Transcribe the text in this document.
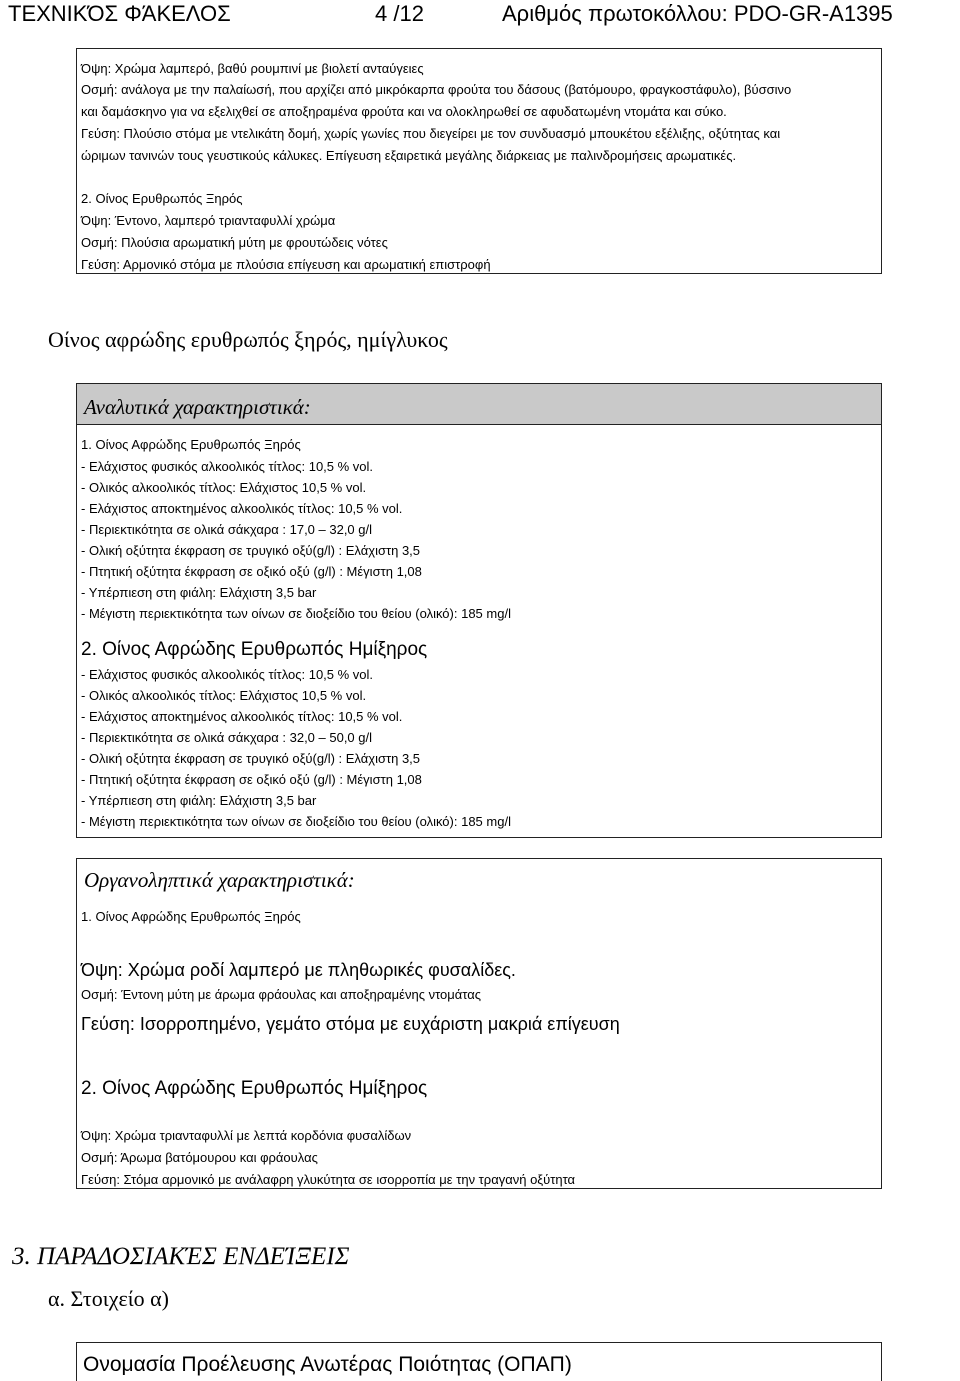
ΤΕΧΝΙΚΌΣ ΦΆΚΕΛΟΣ	4 /12	Αριθμός πρωτοκόλλου: PDO-GR-A1395
Όψη: Χρώμα λαμπερό, βαθύ ρουμπινί με βιολετί ανταύγειες
Οσμή: ανάλογα με την παλαίωσή, που αρχίζει από μικρόκαρπα φρούτα του δάσους (βατόμουρο, φραγκοστάφυλο), βύσσινο
και δαμάσκηνο για να εξελιχθεί σε αποξηραμένα φρούτα και να ολοκληρωθεί σε αφυδατωμένη ντομάτα και σύκο.
Γεύση: Πλούσιο στόμα με ντελικάτη δομή, χωρίς γωνίες που διεγείρει με τον συνδυασμό μπουκέτου εξέλιξης, οξύτητας και
ώριμων τανινών τους γευστικούς κάλυκες. Επίγευση εξαιρετικά μεγάλης διάρκειας με παλινδρομήσεις αρωματικές.
2. Οίνος Ερυθρωπός Ξηρός
Όψη: Έντονο, λαμπερό τριανταφυλλί χρώμα
Οσμή: Πλούσια αρωματική μύτη με φρουτώδεις νότες
Γεύση: Αρμονικό στόμα με πλούσια επίγευση και αρωματική επιστροφή
Οίνος αφρώδης ερυθρωπός ξηρός, ημίγλυκος
Αναλυτικά χαρακτηριστικά:
1. Οίνος Αφρώδης Ερυθρωπός Ξηρός
- Ελάχιστος φυσικός αλκοολικός τίτλος: 10,5 % vol.
- Ολικός αλκοολικός τίτλος: Ελάχιστος 10,5 % vol.
- Ελάχιστος αποκτημένος αλκοολικός τίτλος: 10,5 % vol.
- Περιεκτικότητα σε ολικά σάκχαρα : 17,0 – 32,0 g/l
- Ολική οξύτητα έκφραση σε τρυγικό οξύ(g/l) : Ελάχιστη 3,5
- Πτητική οξύτητα έκφραση σε οξικό οξύ (g/l) : Μέγιστη 1,08
- Υπέρπιεση στη φιάλη: Ελάχιστη 3,5 bar
- Μέγιστη περιεκτικότητα των οίνων σε διοξείδιο του θείου (ολικό): 185 mg/l
2. Οίνος Αφρώδης Ερυθρωπός Ημίξηρος
- Ελάχιστος φυσικός αλκοολικός τίτλος: 10,5 % vol.
- Ολικός αλκοολικός τίτλος: Ελάχιστος 10,5 % vol.
- Ελάχιστος αποκτημένος αλκοολικός τίτλος: 10,5 % vol.
- Περιεκτικότητα σε ολικά σάκχαρα : 32,0 – 50,0 g/l
- Ολική οξύτητα έκφραση σε τρυγικό οξύ(g/l) : Ελάχιστη 3,5
- Πτητική οξύτητα έκφραση σε οξικό οξύ (g/l) : Μέγιστη 1,08
- Υπέρπιεση στη φιάλη: Ελάχιστη 3,5 bar
- Μέγιστη περιεκτικότητα των οίνων σε διοξείδιο του θείου (ολικό): 185 mg/l
Οργανοληπτικά χαρακτηριστικά:
1. Οίνος Αφρώδης Ερυθρωπός Ξηρός
Όψη: Χρώμα ροδί λαμπερό με πληθωρικές φυσαλίδες.
Οσμή: Έντονη μύτη με άρωμα φράουλας και αποξηραμένης ντομάτας
Γεύση: Ισορροπημένο, γεμάτο στόμα με ευχάριστη μακριά επίγευση
2. Οίνος Αφρώδης Ερυθρωπός Ημίξηρος
Όψη: Χρώμα τριανταφυλλί με λεπτά κορδόνια φυσαλίδων
Οσμή: Άρωμα βατόμουρου και φράουλας
Γεύση: Στόμα αρμονικό με ανάλαφρη γλυκύτητα σε ισορροπία με την τραγανή οξύτητα
3. ΠΑΡΑΔΟΣΙΑΚΈΣ ΕΝΔΕΊΞΕΙΣ
α. Στοιχείο α)
Ονομασία Προέλευσης Ανωτέρας Ποιότητας (ΟΠΑΠ)
